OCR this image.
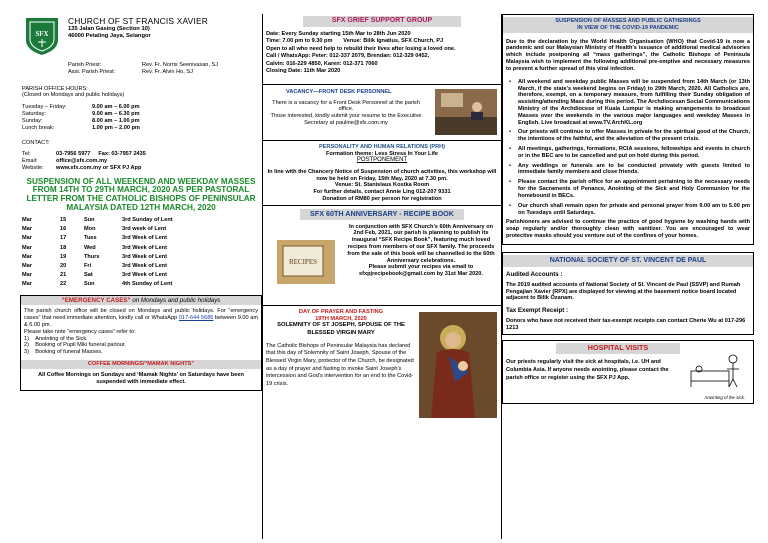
SFX
CHURCH OF ST FRANCIS XAVIER
135 Jalan Gasing (Section 10)
46000 Petaling Jaya, Selangor
Parish Priest:	Rev. Fr. Norris Seenivasan, SJ
Asst. Parish Priest:	Rev. Fr. Alvin Ho, SJ
PARISH OFFICE HOURS:
(Closed on Mondays and public holidays)
Tuesday – Friday:	9.00 am – 6.00 pm
Saturday:	9.00 am – 6.30 pm
Sunday:	8.00 am – 1.00 pm
Lunch break:	1.00 pm – 2.00 pm
CONTACT:
Tel:	03-7956 5977 Fax: 03-7957 2435
Email:	office@sfx.com.my
Website:	www.sfx.com.my or SFX PJ App
SUSPENSION OF ALL WEEKEND AND WEEKDAY MASSES FROM 14TH TO 29TH MARCH, 2020 AS PER PASTORAL LETTER FROM THE CATHOLIC BISHOPS OF PENINSULAR MALAYSIA DATED 12TH MARCH, 2020
Mar	15	Sun	3rd Sunday of Lent
Mar	16	Mon	3rd week of Lent
Mar	17	Tues	3rd Week of Lent
Mar	18	Wed	3rd Week of Lent
Mar	19	Thurs	3rd Week of Lent
Mar	20	Fri	3rd Week of Lent
Mar	21	Sat	3rd Week of Lent
Mar	22	Sun	4th Sunday of Lent
“EMERGENCY CASES” on Mondays and public holidays
The parish church office will be closed on Mondays and public holidays. For “emergency cases” that need immediate attention, kindly call or WhatsApp 017-644 5686 between 9.00 am & 6.00 pm.
Please take note “emergency cases” refer to:
1)    Anointing of the Sick.
2)    Booking of Pupil Miki funeral parlour.
3)    Booking of funeral Masses.
COFFEE MORNINGS/“MAMAK NIGHTS”
All Coffee Mornings on Sundays and ‘Mamak Nights’ on Saturdays have been suspended with immediate effect.
SFX GRIEF SUPPORT GROUP
Date: Every Sunday starting 15th Mar to 28th Jun 2020
Time: 7.00 pm to 9.30 pm       Venue: Bilik Ignatius, SFX Church, PJ
Open to all who need help to rebuild their lives after losing a loved one.
Call / WhatsApp: Peter: 012-337 2079, Brendan: 012-329 0452,
Calvin: 016-229 4850, Karen: 012-371 7060
Closing Date: 11th Mar 2020
VACANCY—FRONT DESK PERSONNEL
There is a vacancy for a Front Desk Personnel at the parish office.
Those interested, kindly submit your resume to the Executive Secretary at pauline@sfx.com.my
PERSONALITY AND HUMAN RELATIONS (PRH)
Formation theme: Less Stress In Your Life
POSTPONEMENT
In line with the Chancery Notice of Suspension of church activities, this workshop will now be held on Friday, 15th May, 2020 at 7.30 pm.
Venue: St. Stanislaus Kostka Room
For further details, contact Annie Ling 012-207 9331
Donation of RM80 per person for registration
SFX 60TH ANNIVERSARY - RECIPE BOOK
RECIPES
In conjunction with SFX Church’s 60th Anniversary on 2nd Feb, 2021, our parish is planning to publish its inaugural “SFX Recipe Book”, featuring much loved recipes from members of our SFX family. The proceeds from the sale of this book will be channelled to the 60th Anniversary celebrations.
Please submit your recipes via email to sfxpjrecipebook@gmail.com by 31st Mar 2020.
DAY OF PRAYER AND FASTING
19TH MARCH, 2020
SOLEMNITY OF ST JOSEPH, SPOUSE OF THE BLESSED VIRGIN MARY
The Catholic Bishops of Peninsular Malaysia has declared that this day of Solemnity of Saint Joseph, Spouse of the Blessed Virgin Mary, protector of the Church, be designated as a day of prayer and fasting to invoke Saint Joseph’s intercession and God’s intervention for an end to the Covid-19 crisis.
SUSPENSION OF MASSES AND PUBLIC GATHERINGS
IN VIEW OF THE COVID-19 PANDEMIC
Due to the declaration by the World Health Organisation (WHO) that Covid-19 is now a pandemic and our Malaysian Ministry of Health’s issuance of additional medical advisories which include postponing all “mass gatherings”, the Catholic Bishops of Peninsula Malaysia wish to implement the following additional pre-emptive and necessary measures to prevent a further spread of this viral infection.
• All weekend and weekday public Masses will be suspended from 14th March (or 13th March, if the state’s weekend begins on Friday) to 29th March, 2020. All Catholics are, therefore, exempt, on a temporary measure, from fulfilling their Sunday obligation of assisting/attending Mass during this period. The Archdiocesan Social Communications Ministry of the Archdiocese of Kuala Lumpur is making arrangements to broadcast Masses over the weekends in the various major languages and weekday Masses in English. Live broadcast at www.TV.ArchKL.org
• Our priests will continue to offer Masses in private for the spiritual good of the Church, the intentions of the faithful, and the alleviation of the present crisis.
• All meetings, gatherings, formations, RCIA sessions, fellowships and events in church or in the BEC are to be cancelled and put on hold during this period.
• Any weddings or funerals are to be conducted privately with guests limited to immediate family members and close friends.
• Please contact the parish office for an appointment pertaining to the necessary needs for the Sacraments of Penance, Anointing of the Sick and Holy Communion for the homebound in BECs.
• Our church shall remain open for private and personal prayer from 9.00 am to 5.00 pm on Tuesdays until Saturdays.
Parishioners are advised to continue the practice of good hygiene by washing hands with soap regularly and/or thoroughly clean with sanitizer. You are encouraged to wear protective masks should you venture out of the confines of your homes.
NATIONAL SOCIETY OF ST. VINCENT DE PAUL
Audited Accounts :
The 2019 audited accounts of National Society of St. Vincent de Paul (SSVP) and Rumah Pengajian Xavier (RPX) are displayed for viewing at the basement notice board located adjacent to Bilik Őzanam.
Tax Exempt Receipt :
Donors who have not received their tax-exempt receipts can contact Cherie Wu at 017-296 1213
HOSPITAL VISITS
Our priests regularly visit the sick at hospitals, i.e. UH and Columbia Asia. If anyone needs anointing, please contact the parish office or register using the SFX PJ App.
Anointing of the sick.
